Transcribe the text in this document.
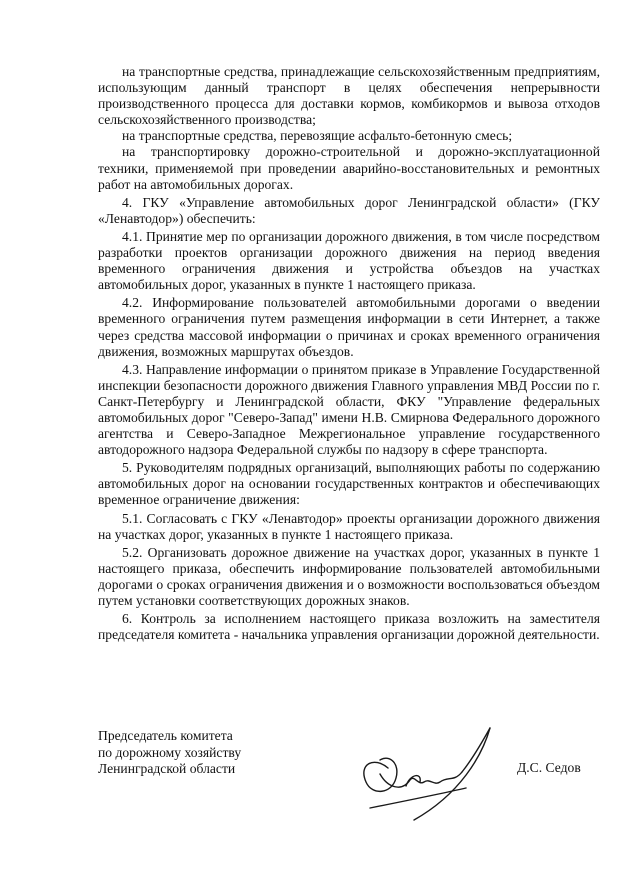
на транспортные средства, принадлежащие сельскохозяйственным предприятиям, использующим данный транспорт в целях обеспечения непрерывности производственного процесса для доставки кормов, комбикормов и вывоза отходов сельскохозяйственного производства;

на транспортные средства, перевозящие асфальто-бетонную смесь;

на транспортировку дорожно-строительной и дорожно-эксплуатационной техники, применяемой при проведении аварийно-восстановительных и ремонтных работ на автомобильных дорогах.

4. ГКУ «Управление автомобильных дорог Ленинградской области» (ГКУ «Ленавтодор») обеспечить:

4.1. Принятие мер по организации дорожного движения, в том числе посредством разработки проектов организации дорожного движения на период введения временного ограничения движения и устройства объездов на участках автомобильных дорог, указанных в пункте 1 настоящего приказа.

4.2. Информирование пользователей автомобильными дорогами о введении временного ограничения путем размещения информации в сети Интернет, а также через средства массовой информации о причинах и сроках временного ограничения движения, возможных маршрутах объездов.

4.3. Направление информации о принятом приказе в Управление Государственной инспекции безопасности дорожного движения Главного управления МВД России по г. Санкт-Петербургу и Ленинградской области, ФКУ "Управление федеральных автомобильных дорог "Северо-Запад" имени Н.В. Смирнова Федерального дорожного агентства и Северо-Западное Межрегиональное управление государственного автодорожного надзора Федеральной службы по надзору в сфере транспорта.

5. Руководителям подрядных организаций, выполняющих работы по содержанию автомобильных дорог на основании государственных контрактов и обеспечивающих временное ограничение движения:

5.1. Согласовать с ГКУ «Ленавтодор» проекты организации дорожного движения на участках дорог, указанных в пункте 1 настоящего приказа.

5.2. Организовать дорожное движение на участках дорог, указанных в пункте 1 настоящего приказа, обеспечить информирование пользователей автомобильными дорогами о сроках ограничения движения и о возможности воспользоваться объездом путем установки соответствующих дорожных знаков.

6. Контроль за исполнением настоящего приказа возложить на заместителя председателя комитета - начальника управления организации дорожной деятельности.

Председатель комитета
по дорожному хозяйству
Ленинградской области	Д.С. Седов
